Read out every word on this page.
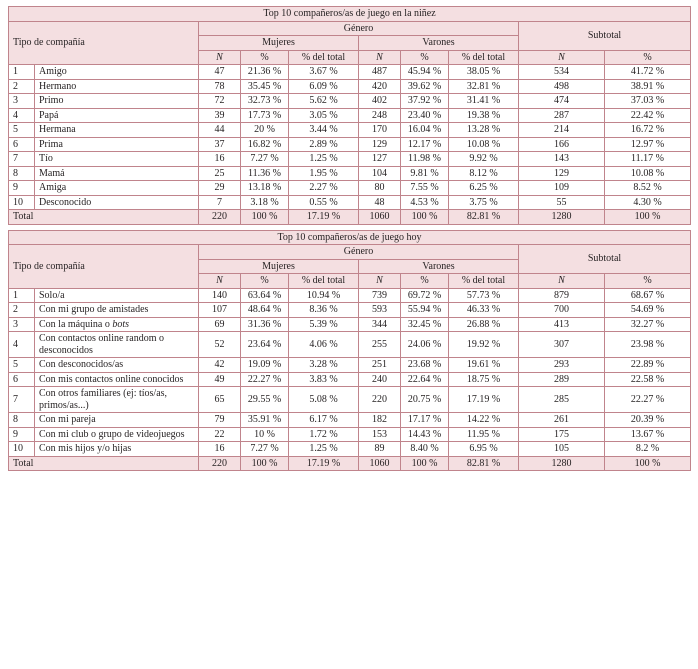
Top 10 compañeros/as de juego en la niñez									
Tipo de compañía		Género						Subtotal	
		Mujeres			Varones				
		N	%	% del total	N	%	% del total	N	%
1	Amigo	47	21.36 %	3.67 %	487	45.94 %	38.05 %	534	41.72 %
2	Hermano	78	35.45 %	6.09 %	420	39.62 %	32.81 %	498	38.91 %
3	Primo	72	32.73 %	5.62 %	402	37.92 %	31.41 %	474	37.03 %
4	Papá	39	17.73 %	3.05 %	248	23.40 %	19.38 %	287	22.42 %
5	Hermana	44	20 %	3.44 %	170	16.04 %	13.28 %	214	16.72 %
6	Prima	37	16.82 %	2.89 %	129	12.17 %	10.08 %	166	12.97 %
7	Tío	16	7.27 %	1.25 %	127	11.98 %	9.92 %	143	11.17 %
8	Mamá	25	11.36 %	1.95 %	104	9.81 %	8.12 %	129	10.08 %
9	Amiga	29	13.18 %	2.27 %	80	7.55 %	6.25 %	109	8.52 %
10	Desconocido	7	3.18 %	0.55 %	48	4.53 %	3.75 %	55	4.30 %
Total		220	100 %	17.19 %	1060	100 %	82.81 %	1280	100 %
Top 10 compañeros/as de juego hoy									
Tipo de compañía		Género						Subtotal	
		Mujeres			Varones				
		N	%	% del total	N	%	% del total	N	%
1	Solo/a	140	63.64 %	10.94 %	739	69.72 %	57.73 %	879	68.67 %
2	Con mi grupo de amistades	107	48.64 %	8.36 %	593	55.94 %	46.33 %	700	54.69 %
3	Con la máquina o bots	69	31.36 %	5.39 %	344	32.45 %	26.88 %	413	32.27 %
4	Con contactos online random o desconocidos	52	23.64 %	4.06 %	255	24.06 %	19.92 %	307	23.98 %
5	Con desconocidos/as	42	19.09 %	3.28 %	251	23.68 %	19.61 %	293	22.89 %
6	Con mis contactos online conocidos	49	22.27 %	3.83 %	240	22.64 %	18.75 %	289	22.58 %
7	Con otros familiares (ej: tíos/as, primos/as...)	65	29.55 %	5.08 %	220	20.75 %	17.19 %	285	22.27 %
8	Con mi pareja	79	35.91 %	6.17 %	182	17.17 %	14.22 %	261	20.39 %
9	Con mi club o grupo de videojuegos	22	10 %	1.72 %	153	14.43 %	11.95 %	175	13.67 %
10	Con mis hijos y/o hijas	16	7.27 %	1.25 %	89	8.40 %	6.95 %	105	8.2 %
Total		220	100 %	17.19 %	1060	100 %	82.81 %	1280	100 %
